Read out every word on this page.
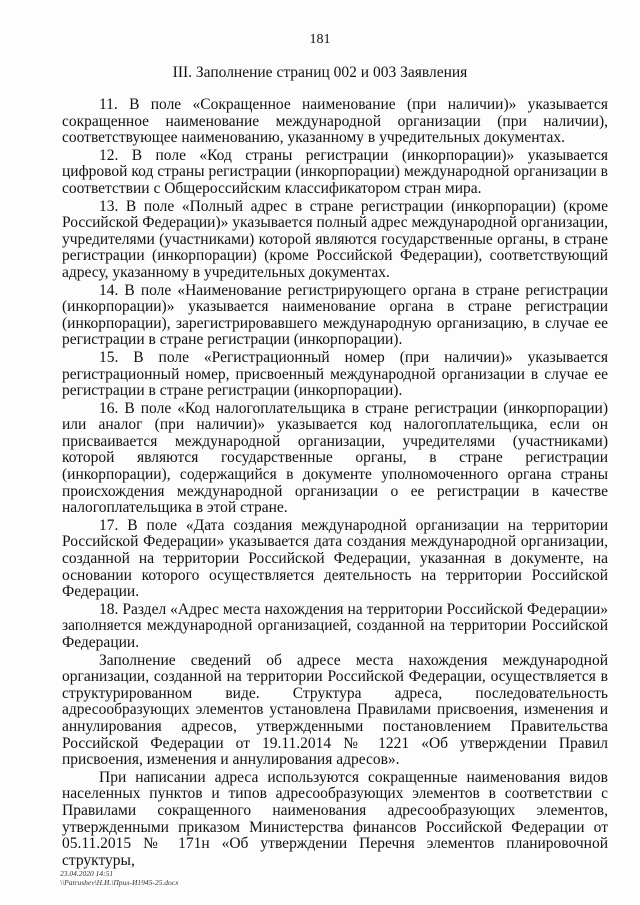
181
III. Заполнение страниц 002 и 003 Заявления

11. В поле «Сокращенное наименование (при наличии)» указывается сокращенное наименование международной организации (при наличии), соответствующее наименованию, указанному в учредительных документах.

12. В поле «Код страны регистрации (инкорпорации)» указывается цифровой код страны регистрации (инкорпорации) международной организации в соответствии с Общероссийским классификатором стран мира.

13. В поле «Полный адрес в стране регистрации (инкорпорации) (кроме Российской Федерации)» указывается полный адрес международной организации, учредителями (участниками) которой являются государственные органы, в стране регистрации (инкорпорации) (кроме Российской Федерации), соответствующий адресу, указанному в учредительных документах.

14. В поле «Наименование регистрирующего органа в стране регистрации (инкорпорации)» указывается наименование органа в стране регистрации (инкорпорации), зарегистрировавшего международную организацию, в случае ее регистрации в стране регистрации (инкорпорации).

15. В поле «Регистрационный номер (при наличии)» указывается регистрационный номер, присвоенный международной организации в случае ее регистрации в стране регистрации (инкорпорации).

16. В поле «Код налогоплательщика в стране регистрации (инкорпорации) или аналог (при наличии)» указывается код налогоплательщика, если он присваивается международной организации, учредителями (участниками) которой являются государственные органы, в стране регистрации (инкорпорации), содержащийся в документе уполномоченного органа страны происхождения международной организации о ее регистрации в качестве налогоплательщика в этой стране.

17. В поле «Дата создания международной организации на территории Российской Федерации» указывается дата создания международной организации, созданной на территории Российской Федерации, указанная в документе, на основании которого осуществляется деятельность на территории Российской Федерации.

18. Раздел «Адрес места нахождения на территории Российской Федерации» заполняется международной организацией, созданной на территории Российской Федерации.

Заполнение сведений об адресе места нахождения международной организации, созданной на территории Российской Федерации, осуществляется в структурированном виде. Структура адреса, последовательность адресообразующих элементов установлена Правилами присвоения, изменения и аннулирования адресов, утвержденными постановлением Правительства Российской Федерации от 19.11.2014 № 1221 «Об утверждении Правил присвоения, изменения и аннулирования адресов».

При написании адреса используются сокращенные наименования видов населенных пунктов и типов адресообразующих элементов в соответствии с Правилами сокращенного наименования адресообразующих элементов, утвержденными приказом Министерства финансов Российской Федерации от 05.11.2015 № 171н «Об утверждении Перечня элементов планировочной структуры,

23.04.2020 14:51
\\Patrushev\Н.И.\Прил-И1945-25.docx
